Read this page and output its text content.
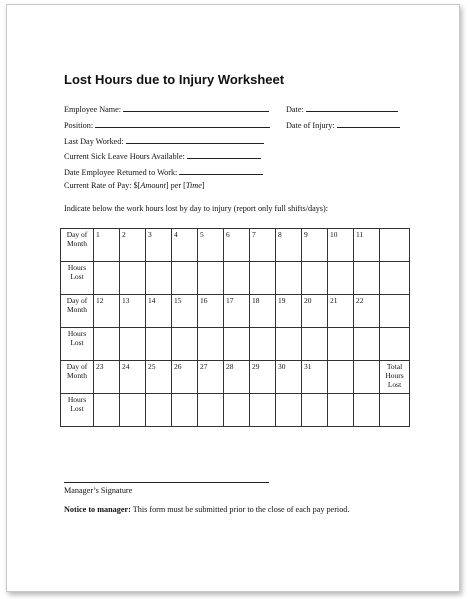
Lost Hours due to Injury Worksheet
Employee Name:	Date:
Position:	Date of Injury:
Last Day Worked:
Current Sick Leave Hours Available:
Date Employee Returned to Work:
Current Rate of Pay: $[Amount] per [Time]
Indicate below the work hours lost by day to injury (report only full shifts/days):
Day of Month	1	2	3	4	5	6	7	8	9	10	11	
Hours Lost												
Day of Month	12	13	14	15	16	17	18	19	20	21	22	
Hours Lost												
Day of Month	23	24	25	26	27	28	29	30	31			Total Hours Lost
Hours Lost												
Manager’s Signature
Notice to manager: This form must be submitted prior to the close of each pay period.
